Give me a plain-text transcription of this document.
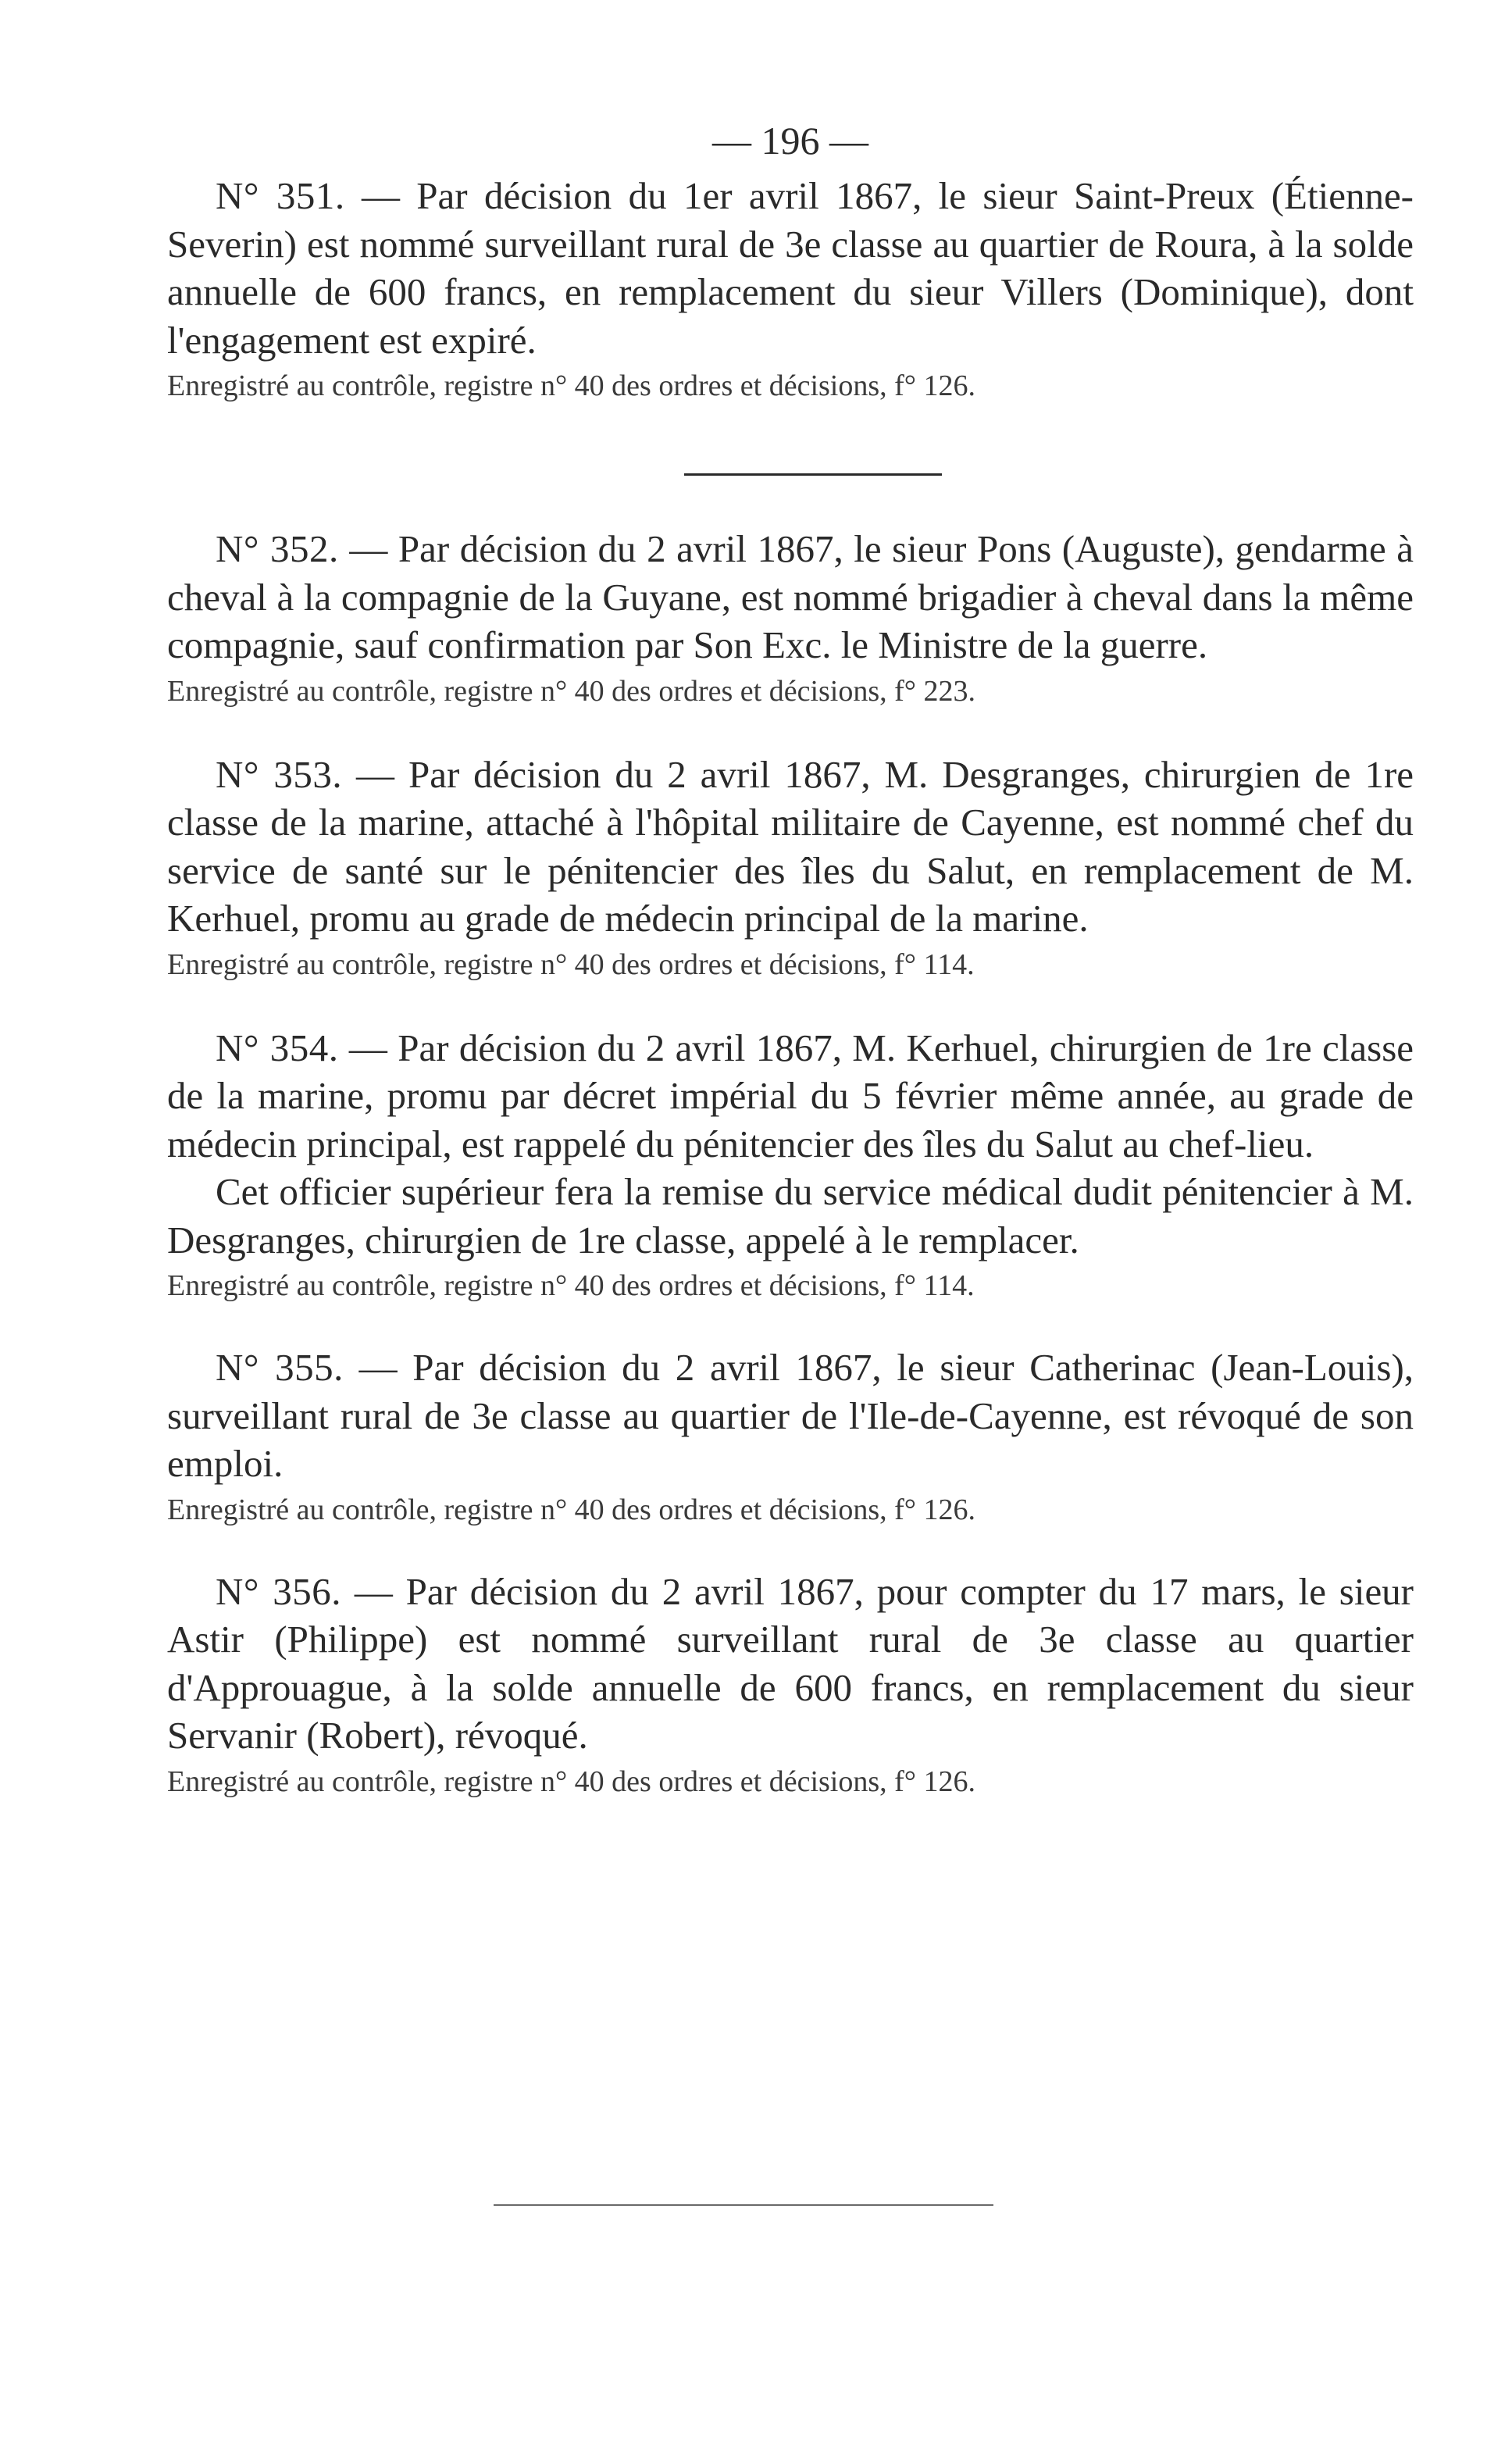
— 196 —

N° 351. — Par décision du 1er avril 1867, le sieur Saint-Preux (Étienne-Severin) est nommé surveillant rural de 3e classe au quartier de Roura, à la solde annuelle de 600 francs, en remplacement du sieur Villers (Dominique), dont l'engagement est expiré.

Enregistré au contrôle, registre n° 40 des ordres et décisions, f° 126.

N° 352. — Par décision du 2 avril 1867, le sieur Pons (Auguste), gendarme à cheval à la compagnie de la Guyane, est nommé brigadier à cheval dans la même compagnie, sauf confirmation par Son Exc. le Ministre de la guerre.

Enregistré au contrôle, registre n° 40 des ordres et décisions, f° 223.

N° 353. — Par décision du 2 avril 1867, M. Desgranges, chirurgien de 1re classe de la marine, attaché à l'hôpital militaire de Cayenne, est nommé chef du service de santé sur le pénitencier des îles du Salut, en remplacement de M. Kerhuel, promu au grade de médecin principal de la marine.

Enregistré au contrôle, registre n° 40 des ordres et décisions, f° 114.

N° 354. — Par décision du 2 avril 1867, M. Kerhuel, chirurgien de 1re classe de la marine, promu par décret impérial du 5 février même année, au grade de médecin principal, est rappelé du pénitencier des îles du Salut au chef-lieu.

Cet officier supérieur fera la remise du service médical dudit pénitencier à M. Desgranges, chirurgien de 1re classe, appelé à le remplacer.

Enregistré au contrôle, registre n° 40 des ordres et décisions, f° 114.

N° 355. — Par décision du 2 avril 1867, le sieur Catherinac (Jean-Louis), surveillant rural de 3e classe au quartier de l'Ile-de-Cayenne, est révoqué de son emploi.

Enregistré au contrôle, registre n° 40 des ordres et décisions, f° 126.

N° 356. — Par décision du 2 avril 1867, pour compter du 17 mars, le sieur Astir (Philippe) est nommé surveillant rural de 3e classe au quartier d'Approuague, à la solde annuelle de 600 francs, en remplacement du sieur Servanir (Robert), révoqué.

Enregistré au contrôle, registre n° 40 des ordres et décisions, f° 126.
